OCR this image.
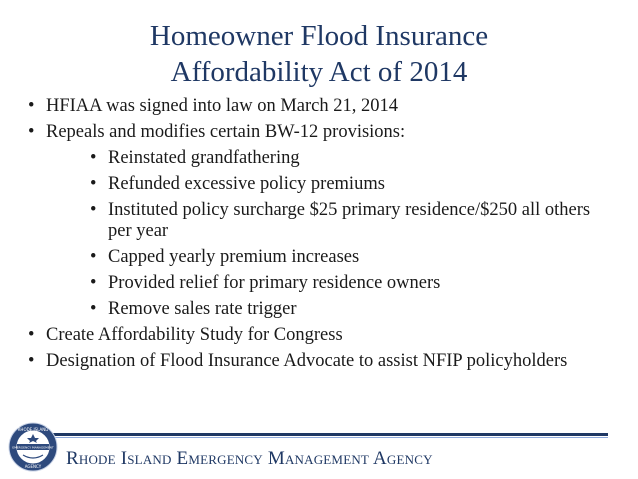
Homeowner Flood Insurance
Affordability Act of 2014
• HFIAA was signed into law on March 21, 2014
• Repeals and modifies certain BW-12 provisions:
• Reinstated grandfathering
• Refunded excessive policy premiums
• Instituted policy surcharge $25 primary residence/$250 all others per year
• Capped yearly premium increases
• Provided relief for primary residence owners
• Remove sales rate trigger
• Create Affordability Study for Congress
• Designation of Flood Insurance Advocate to assist NFIP policyholders
RHODE ISLAND
EMERGENCY MANAGEMENT
AGENCY Rhode Island Emergency Management Agency
